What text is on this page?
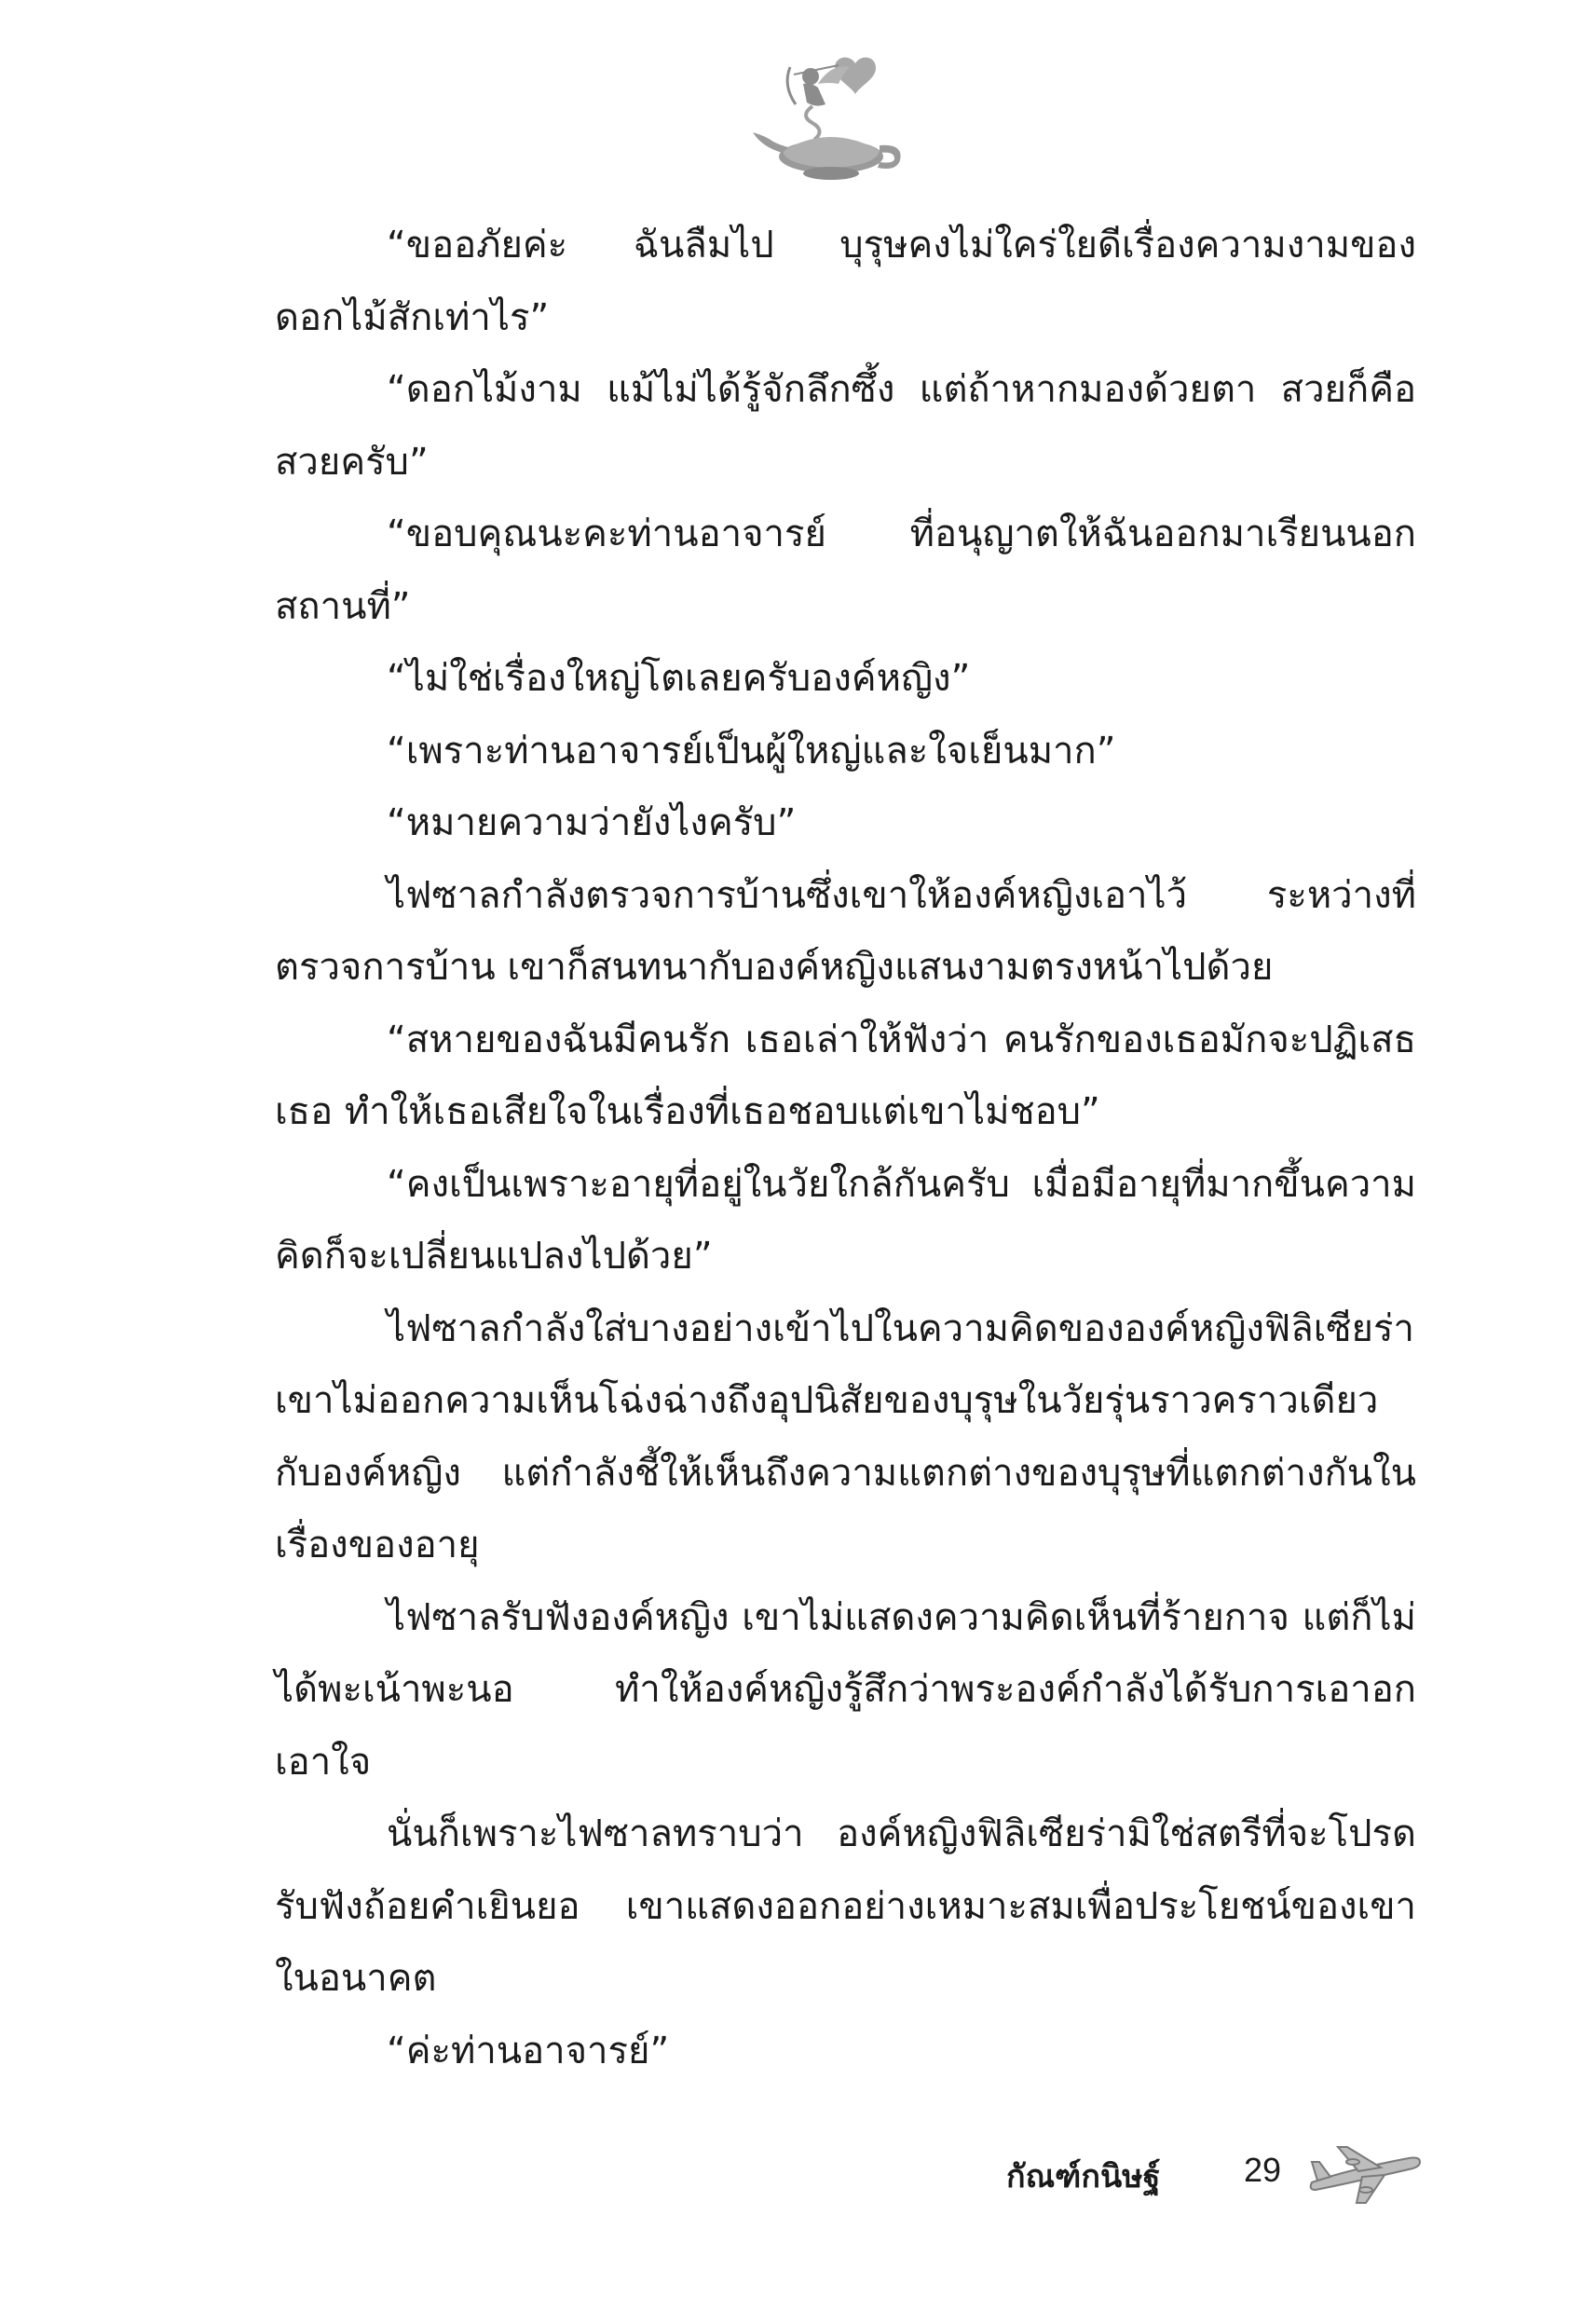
“ขออภัยค่ะ ฉันลืมไป บุรุษคงไม่ใคร่ใยดีเรื่องความงามของดอกไม้สักเท่าไร”

“ดอกไม้งาม แม้ไม่ได้รู้จักลึกซึ้ง แต่ถ้าหากมองด้วยตา สวยก็คือสวยครับ”

“ขอบคุณนะคะท่านอาจารย์ ที่อนุญาตให้ฉันออกมาเรียนนอกสถานที่”

“ไม่ใช่เรื่องใหญ่โตเลยครับองค์หญิง”

“เพราะท่านอาจารย์เป็นผู้ใหญ่และใจเย็นมาก”

“หมายความว่ายังไงครับ”

ไฟซาลกำลังตรวจการบ้านซึ่งเขาให้องค์หญิงเอาไว้ ระหว่างที่ตรวจการบ้าน เขาก็สนทนากับองค์หญิงแสนงามตรงหน้าไปด้วย

“สหายของฉันมีคนรัก เธอเล่าให้ฟังว่า คนรักของเธอมักจะปฏิเสธเธอ ทำให้เธอเสียใจในเรื่องที่เธอชอบแต่เขาไม่ชอบ”

“คงเป็นเพราะอายุที่อยู่ในวัยใกล้กันครับ เมื่อมีอายุที่มากขึ้นความคิดก็จะเปลี่ยนแปลงไปด้วย”

ไฟซาลกำลังใส่บางอย่างเข้าไปในความคิดขององค์หญิงฟิลิเซียร่าเขาไม่ออกความเห็นโฉ่งฉ่างถึงอุปนิสัยของบุรุษในวัยรุ่นราวคราวเดียวกับองค์หญิง แต่กำลังชี้ให้เห็นถึงความแตกต่างของบุรุษที่แตกต่างกันในเรื่องของอายุ

ไฟซาลรับฟังองค์หญิง เขาไม่แสดงความคิดเห็นที่ร้ายกาจ แต่ก็ไม่ได้พะเน้าพะนอ ทำให้องค์หญิงรู้สึกว่าพระองค์กำลังได้รับการเอาอกเอาใจ

นั่นก็เพราะไฟซาลทราบว่า องค์หญิงฟิลิเซียร่ามิใช่สตรีที่จะโปรดรับฟังถ้อยคำเยินยอ เขาแสดงออกอย่างเหมาะสมเพื่อประโยชน์ของเขาในอนาคต

“ค่ะท่านอาจารย์”

กัณฑ์กนิษฐ์ 29
